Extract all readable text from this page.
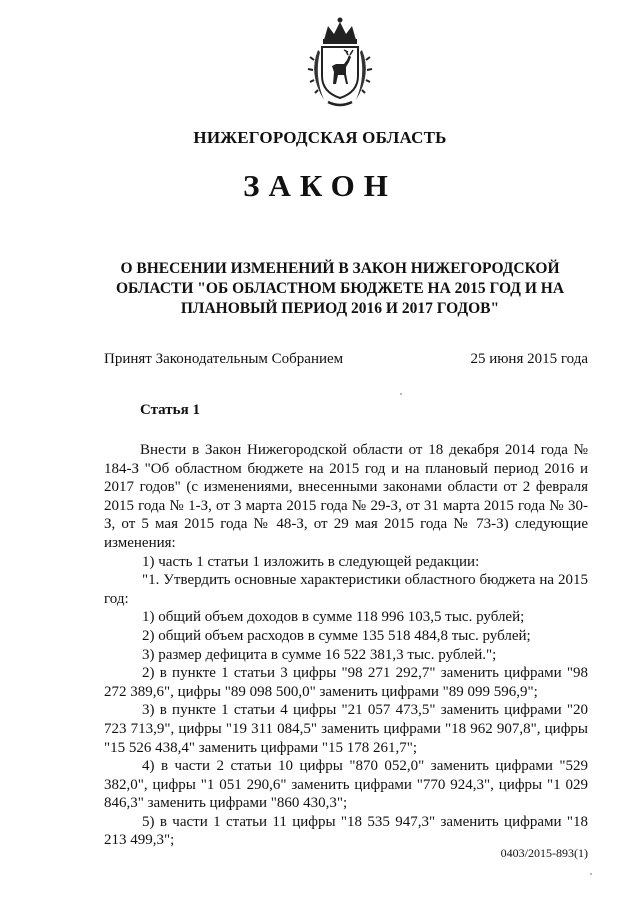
НИЖЕГОРОДСКАЯ ОБЛАСТЬ
ЗАКОН
О ВНЕСЕНИИ ИЗМЕНЕНИЙ В ЗАКОН НИЖЕГОРОДСКОЙ ОБЛАСТИ "ОБ ОБЛАСТНОМ БЮДЖЕТЕ НА 2015 ГОД И НА ПЛАНОВЫЙ ПЕРИОД 2016 И 2017 ГОДОВ"
Принят Законодательным Собранием	25 июня 2015 года
Статья 1

Внести в Закон Нижегородской области от 18 декабря 2014 года № 184-З "Об областном бюджете на 2015 год и на плановый период 2016 и 2017 годов" (с изменениями, внесенными законами области от 2 февраля 2015 года № 1-З, от 3 марта 2015 года № 29-З, от 31 марта 2015 года № 30-З, от 5 мая 2015 года № 48-З, от 29 мая 2015 года № 73-З) следующие изменения:

1) часть 1 статьи 1 изложить в следующей редакции:

"1. Утвердить основные характеристики областного бюджета на 2015 год:

1) общий объем доходов в сумме 118 996 103,5 тыс. рублей;

2) общий объем расходов в сумме 135 518 484,8 тыс. рублей;

3) размер дефицита в сумме 16 522 381,3 тыс. рублей.";

2) в пункте 1 статьи 3 цифры "98 271 292,7" заменить цифрами "98 272 389,6", цифры "89 098 500,0" заменить цифрами "89 099 596,9";

3) в пункте 1 статьи 4 цифры "21 057 473,5" заменить цифрами "20 723 713,9", цифры "19 311 084,5" заменить цифрами "18 962 907,8", цифры "15 526 438,4" заменить цифрами "15 178 261,7";

4) в части 2 статьи 10 цифры "870 052,0" заменить цифрами "529 382,0", цифры "1 051 290,6" заменить цифрами "770 924,3", цифры "1 029 846,3" заменить цифрами "860 430,3";

5) в части 1 статьи 11 цифры "18 535 947,3" заменить цифрами "18 213 499,3";

0403/2015-893(1)
